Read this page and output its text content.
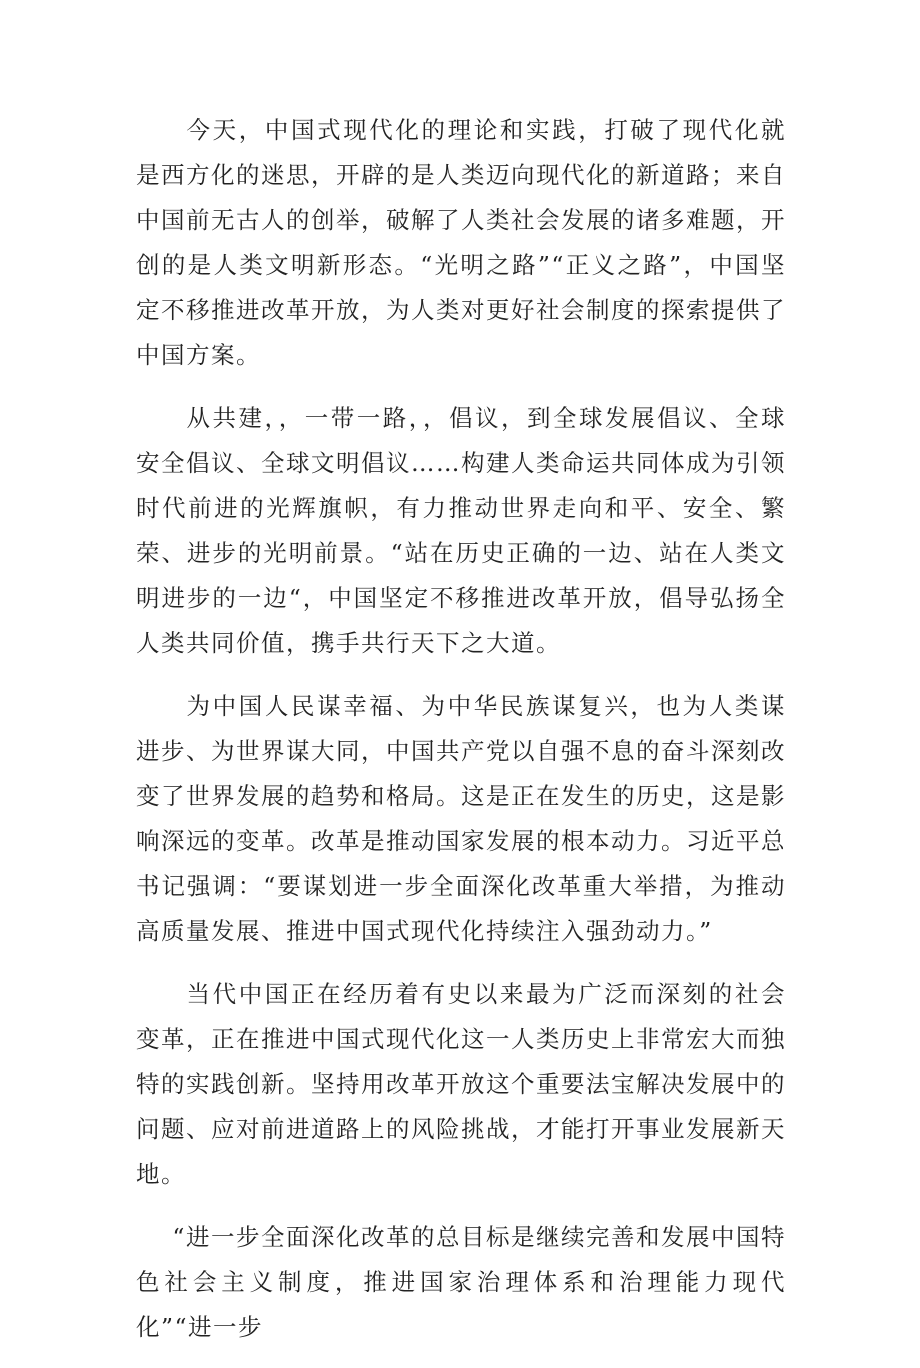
今天，中国式现代化的理论和实践，打破了现代化就是西方化的迷思，开辟的是人类迈向现代化的新道路；来自中国前无古人的创举，破解了人类社会发展的诸多难题，开创的是人类文明新形态。“光明之路”“正义之路”，中国坚定不移推进改革开放，为人类对更好社会制度的探索提供了中国方案。

从共建，，一带一路，，倡议，到全球发展倡议、全球安全倡议、全球文明倡议……构建人类命运共同体成为引领时代前进的光辉旗帜，有力推动世界走向和平、安全、繁荣、进步的光明前景。“站在历史正确的一边、站在人类文明进步的一边“，中国坚定不移推进改革开放，倡导弘扬全人类共同价值，携手共行天下之大道。

为中国人民谋幸福、为中华民族谋复兴，也为人类谋进步、为世界谋大同，中国共产党以自强不息的奋斗深刻改变了世界发展的趋势和格局。这是正在发生的历史，这是影响深远的变革。改革是推动国家发展的根本动力。习近平总书记强调：“要谋划进一步全面深化改革重大举措，为推动高质量发展、推进中国式现代化持续注入强劲动力。”

当代中国正在经历着有史以来最为广泛而深刻的社会变革，正在推进中国式现代化这一人类历史上非常宏大而独特的实践创新。坚持用改革开放这个重要法宝解决发展中的问题、应对前进道路上的风险挑战，才能打开事业发展新天地。

“进一步全面深化改革的总目标是继续完善和发展中国特色社会主义制度，推进国家治理体系和治理能力现代化”“进一步
